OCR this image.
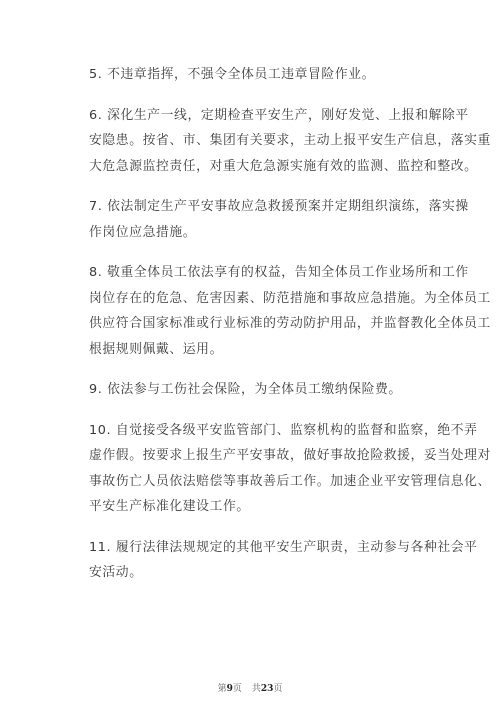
5. 不违章指挥，不强令全体员工违章冒险作业。

6. 深化生产一线，定期检查平安生产，刚好发觉、上报和解除平
安隐患。按省、市、集团有关要求，主动上报平安生产信息，落实重
大危急源监控责任，对重大危急源实施有效的监测、监控和整改。

7. 依法制定生产平安事故应急救援预案并定期组织演练，落实操
作岗位应急措施。

8. 敬重全体员工依法享有的权益，告知全体员工作业场所和工作
岗位存在的危急、危害因素、防范措施和事故应急措施。为全体员工
供应符合国家标准或行业标准的劳动防护用品，并监督教化全体员工
根据规则佩戴、运用。

9. 依法参与工伤社会保险，为全体员工缴纳保险费。

10. 自觉接受各级平安监管部门、监察机构的监督和监察，绝不弄
虚作假。按要求上报生产平安事故，做好事故抢险救援，妥当处理对
事故伤亡人员依法赔偿等事故善后工作。加速企业平安管理信息化、
平安生产标准化建设工作。

11. 履行法律法规规定的其他平安生产职责，主动参与各种社会平
安活动。

第9页 共23页
